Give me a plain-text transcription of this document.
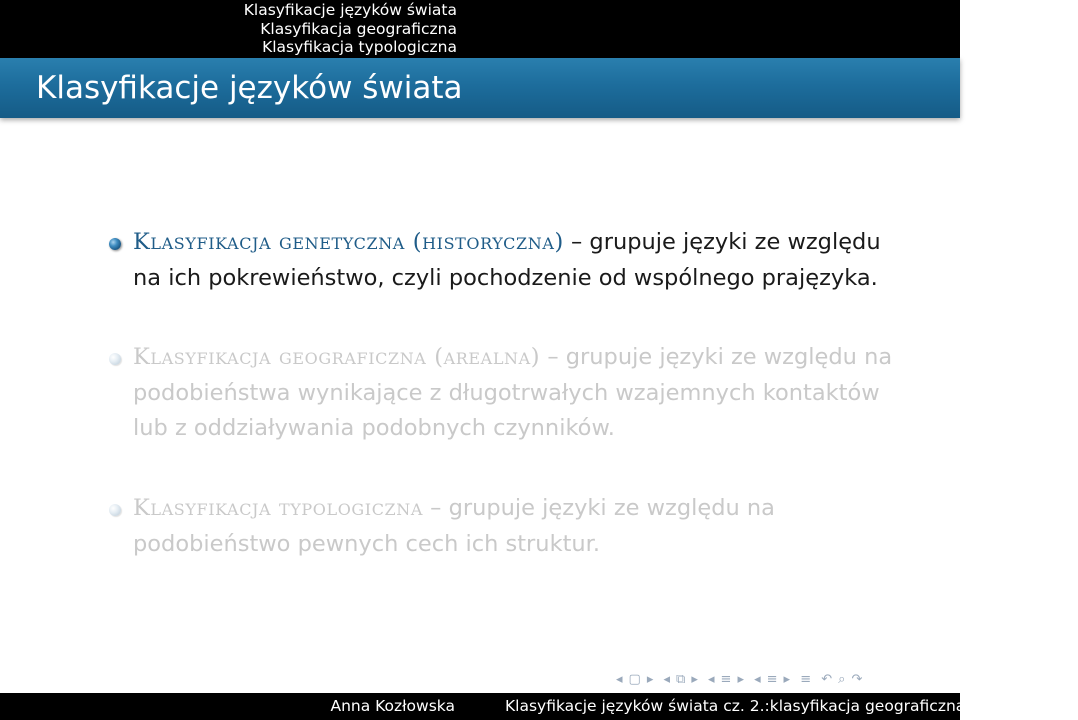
Klasyfikacje języków świata
Klasyfikacja geograficzna
Klasyfikacja typologiczna
Klasyfikacje języków świata
Klasyfikacja genetyczna (historyczna) – grupuje języki ze względu na ich pokrewieństwo, czyli pochodzenie od wspólnego prajęzyka.
Klasyfikacja geograficzna (arealna) – grupuje języki ze względu na podobieństwa wynikające z długotrwałych wzajemnych kontaktów lub z oddziaływania podobnych czynników.
Klasyfikacja typologiczna – grupuje języki ze względu na podobieństwo pewnych cech ich struktur.
◂ ▢ ▸ ◂ ⧉ ▸ ◂ ≡ ▸ ◂ ≡ ▸ ≡ ↶ ⌕ ↷
Anna Kozłowska	Klasyfikacje języków świata cz. 2.:klasyfikacja geograficzna i typologiczna
